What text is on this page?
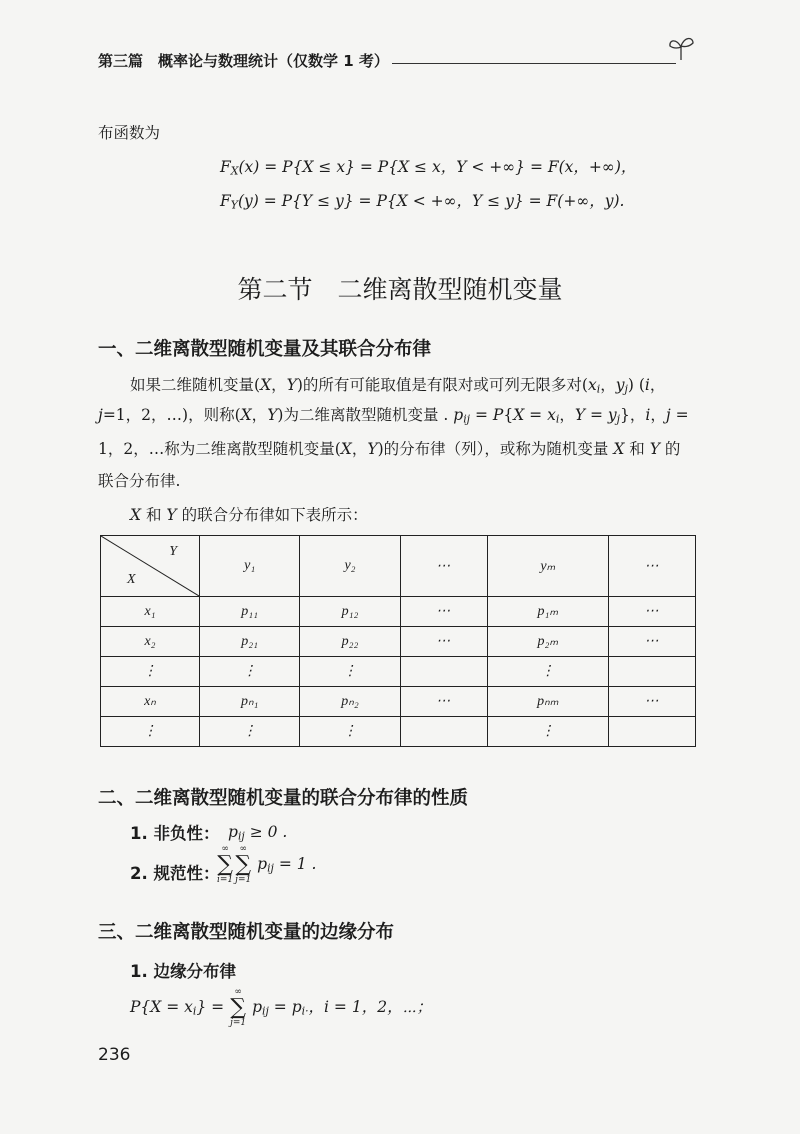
第三篇　概率论与数理统计（仅数学 1 考）
布函数为
$F_X(x) = P\{X \le x\} = P\{X \le x$，Y < +∞} = F(x，+∞)，
$F_Y(y) = P\{Y \le y\} = P\{X$ < +∞，Y ≤ y} = F(+∞，y).
第二节　二维离散型随机变量
一、二维离散型随机变量及其联合分布律
如果二维随机变量(X，Y)的所有可能取值是有限对或可列无限多对($x_i$，$y_j$) (i，
j=1，2，…)，则称(X，Y)为二维离散型随机变量 . $p_{ij} = P\{X = x_i$，$Y = y_j$}，i，j =
1，2，…称为二维离散型随机变量(X，Y)的分布律（列），或称为随机变量 X 和 Y 的
联合分布律.
X 和 Y 的联合分布律如下表所示：
Y
X	y₁	y₂	⋯	yₘ	⋯
x₁	p₁₁	p₁₂	⋯	p₁ₘ	⋯
x₂	p₂₁	p₂₂	⋯	p₂ₘ	⋯
⋮	⋮	⋮		⋮	
xₙ	pₙ₁	pₙ₂	⋯	pₙₘ	⋯
⋮	⋮	⋮		⋮	
二、二维离散型随机变量的联合分布律的性质
1. 非负性： $p_{ij} \ge 0$ .
2. 规范性：
∞
∑
i=1
∞
∑
j=1
$p_{ij} = 1$ .
三、二维离散型随机变量的边缘分布
1. 边缘分布律
$P\{X = x_i\}$ =
∞
∑
j=1
$p_{ij} = p_{i\cdot}$，i = 1，2，⋯；
236
